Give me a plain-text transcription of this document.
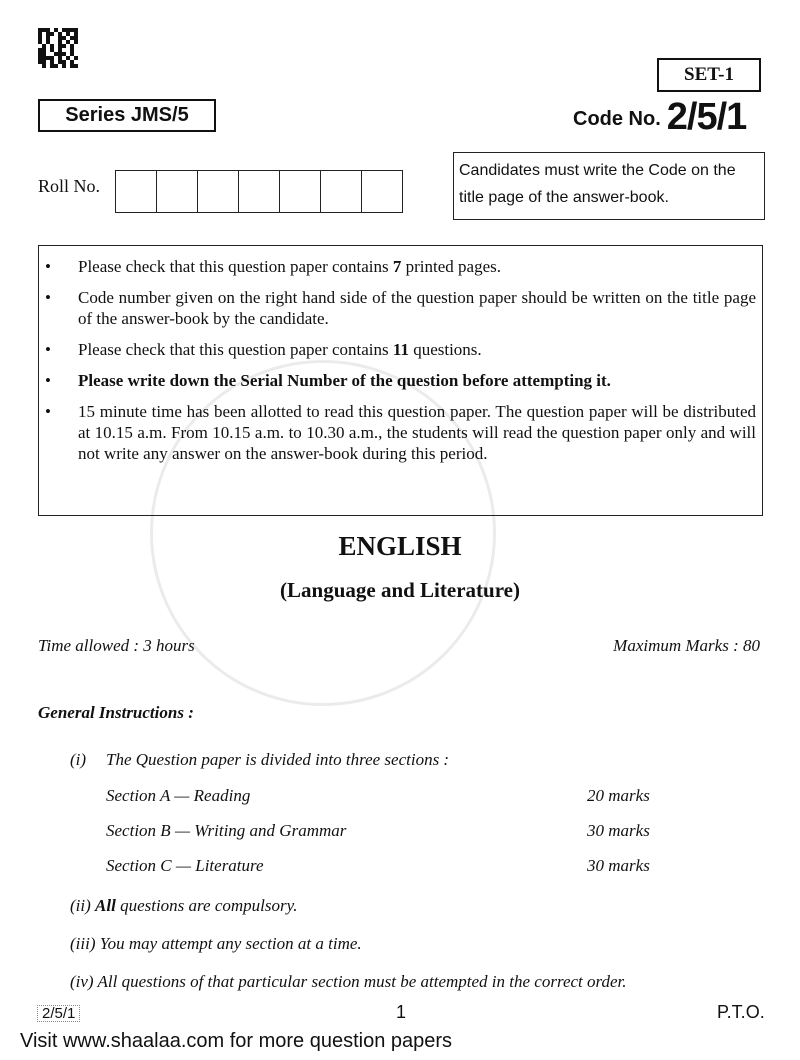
SET-1
Series JMS/5	Code No. 2/5/1
Roll No.
Candidates must write the Code on the title page of the answer-book.
• Please check that this question paper contains 7 printed pages.
• Code number given on the right hand side of the question paper should be written on the title page of the answer-book by the candidate.
• Please check that this question paper contains 11 questions.
• Please write down the Serial Number of the question before attempting it.
• 15 minute time has been allotted to read this question paper. The question paper will be distributed at 10.15 a.m. From 10.15 a.m. to 10.30 a.m., the students will read the question paper only and will not write any answer on the answer-book during this period.
ENGLISH
(Language and Literature)
Time allowed : 3 hours	Maximum Marks : 80
General Instructions :
(i) The Question paper is divided into three sections :
Section A — Reading	20 marks
Section B — Writing and Grammar	30 marks
Section C — Literature	30 marks
(ii) All questions are compulsory.
(iii) You may attempt any section at a time.
(iv) All questions of that particular section must be attempted in the correct order.
2/5/1	1	P.T.O.
Visit www.shaalaa.com for more question papers
